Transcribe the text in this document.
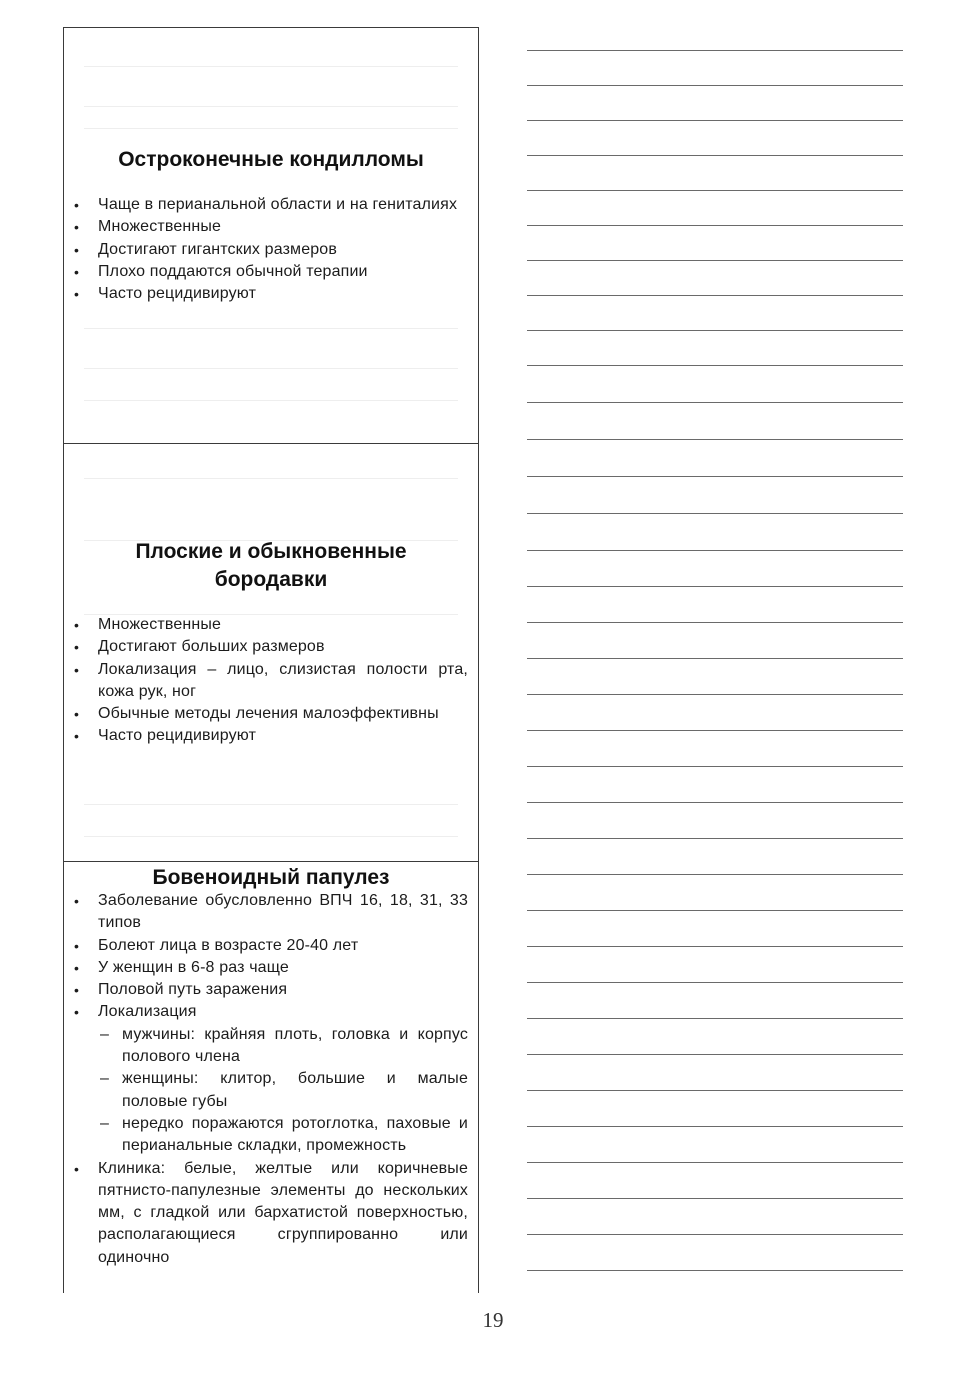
Остроконечные кондилломы
• Чаще в перианальной области и на гениталиях
• Множественные
• Достигают гигантских размеров
• Плохо поддаются обычной терапии
• Часто рецидивируют
Плоские и обыкновенные бородавки
• Множественные
• Достигают больших размеров
• Локализация – лицо, слизистая полости рта, кожа рук, ног
• Обычные методы лечения малоэффективны
• Часто рецидивируют
Бовеноидный папулез
• Заболевание обусловленно ВПЧ 16, 18, 31, 33 типов
• Болеют лица в возрасте 20-40 лет
• У женщин в 6-8 раз чаще
• Половой путь заражения
• Локализация
– мужчины: крайняя плоть, головка и корпус полового члена
– женщины: клитор, большие и малые половые губы
– нередко поражаются ротоглотка, паховые и перианальные складки, промежность
• Клиника: белые, желтые или коричневые пятнисто-папулезные элементы до нескольких мм, с гладкой или бархатистой поверхностью, располагающиеся сгруппированно или одиночно
19
